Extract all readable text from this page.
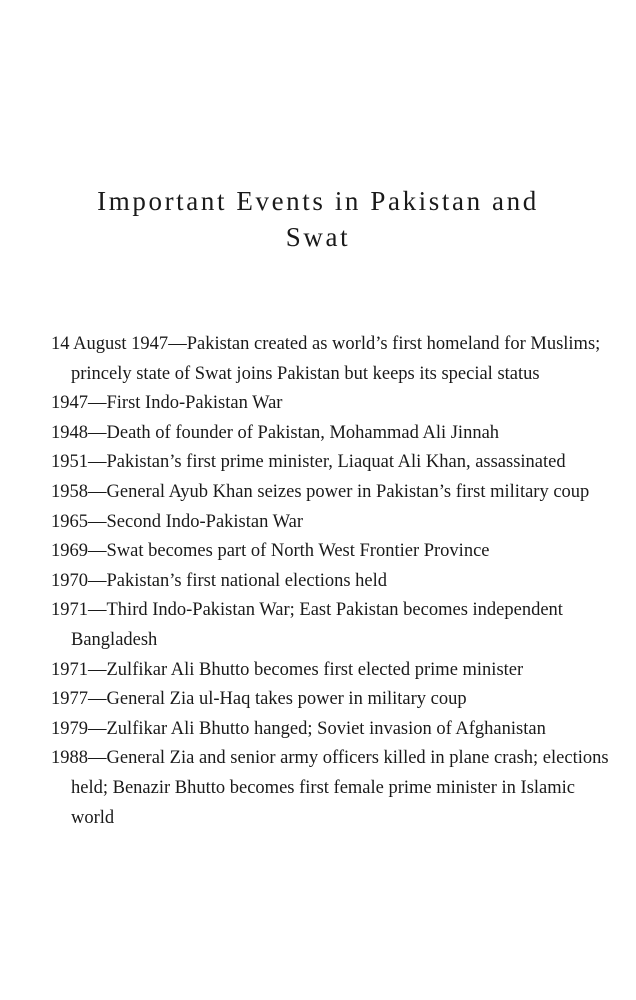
Important Events in Pakistan and
Swat
14 August 1947—Pakistan created as world’s first homeland for Muslims; princely state of Swat joins Pakistan but keeps its special status
1947—First Indo-Pakistan War
1948—Death of founder of Pakistan, Mohammad Ali Jinnah
1951—Pakistan’s first prime minister, Liaquat Ali Khan, assassinated
1958—General Ayub Khan seizes power in Pakistan’s first military coup
1965—Second Indo-Pakistan War
1969—Swat becomes part of North West Frontier Province
1970—Pakistan’s first national elections held
1971—Third Indo-Pakistan War; East Pakistan becomes independent Bangladesh
1971—Zulfikar Ali Bhutto becomes first elected prime minister
1977—General Zia ul-Haq takes power in military coup
1979—Zulfikar Ali Bhutto hanged; Soviet invasion of Afghanistan
1988—General Zia and senior army officers killed in plane crash; elections held; Benazir Bhutto becomes first female prime minister in Islamic world
